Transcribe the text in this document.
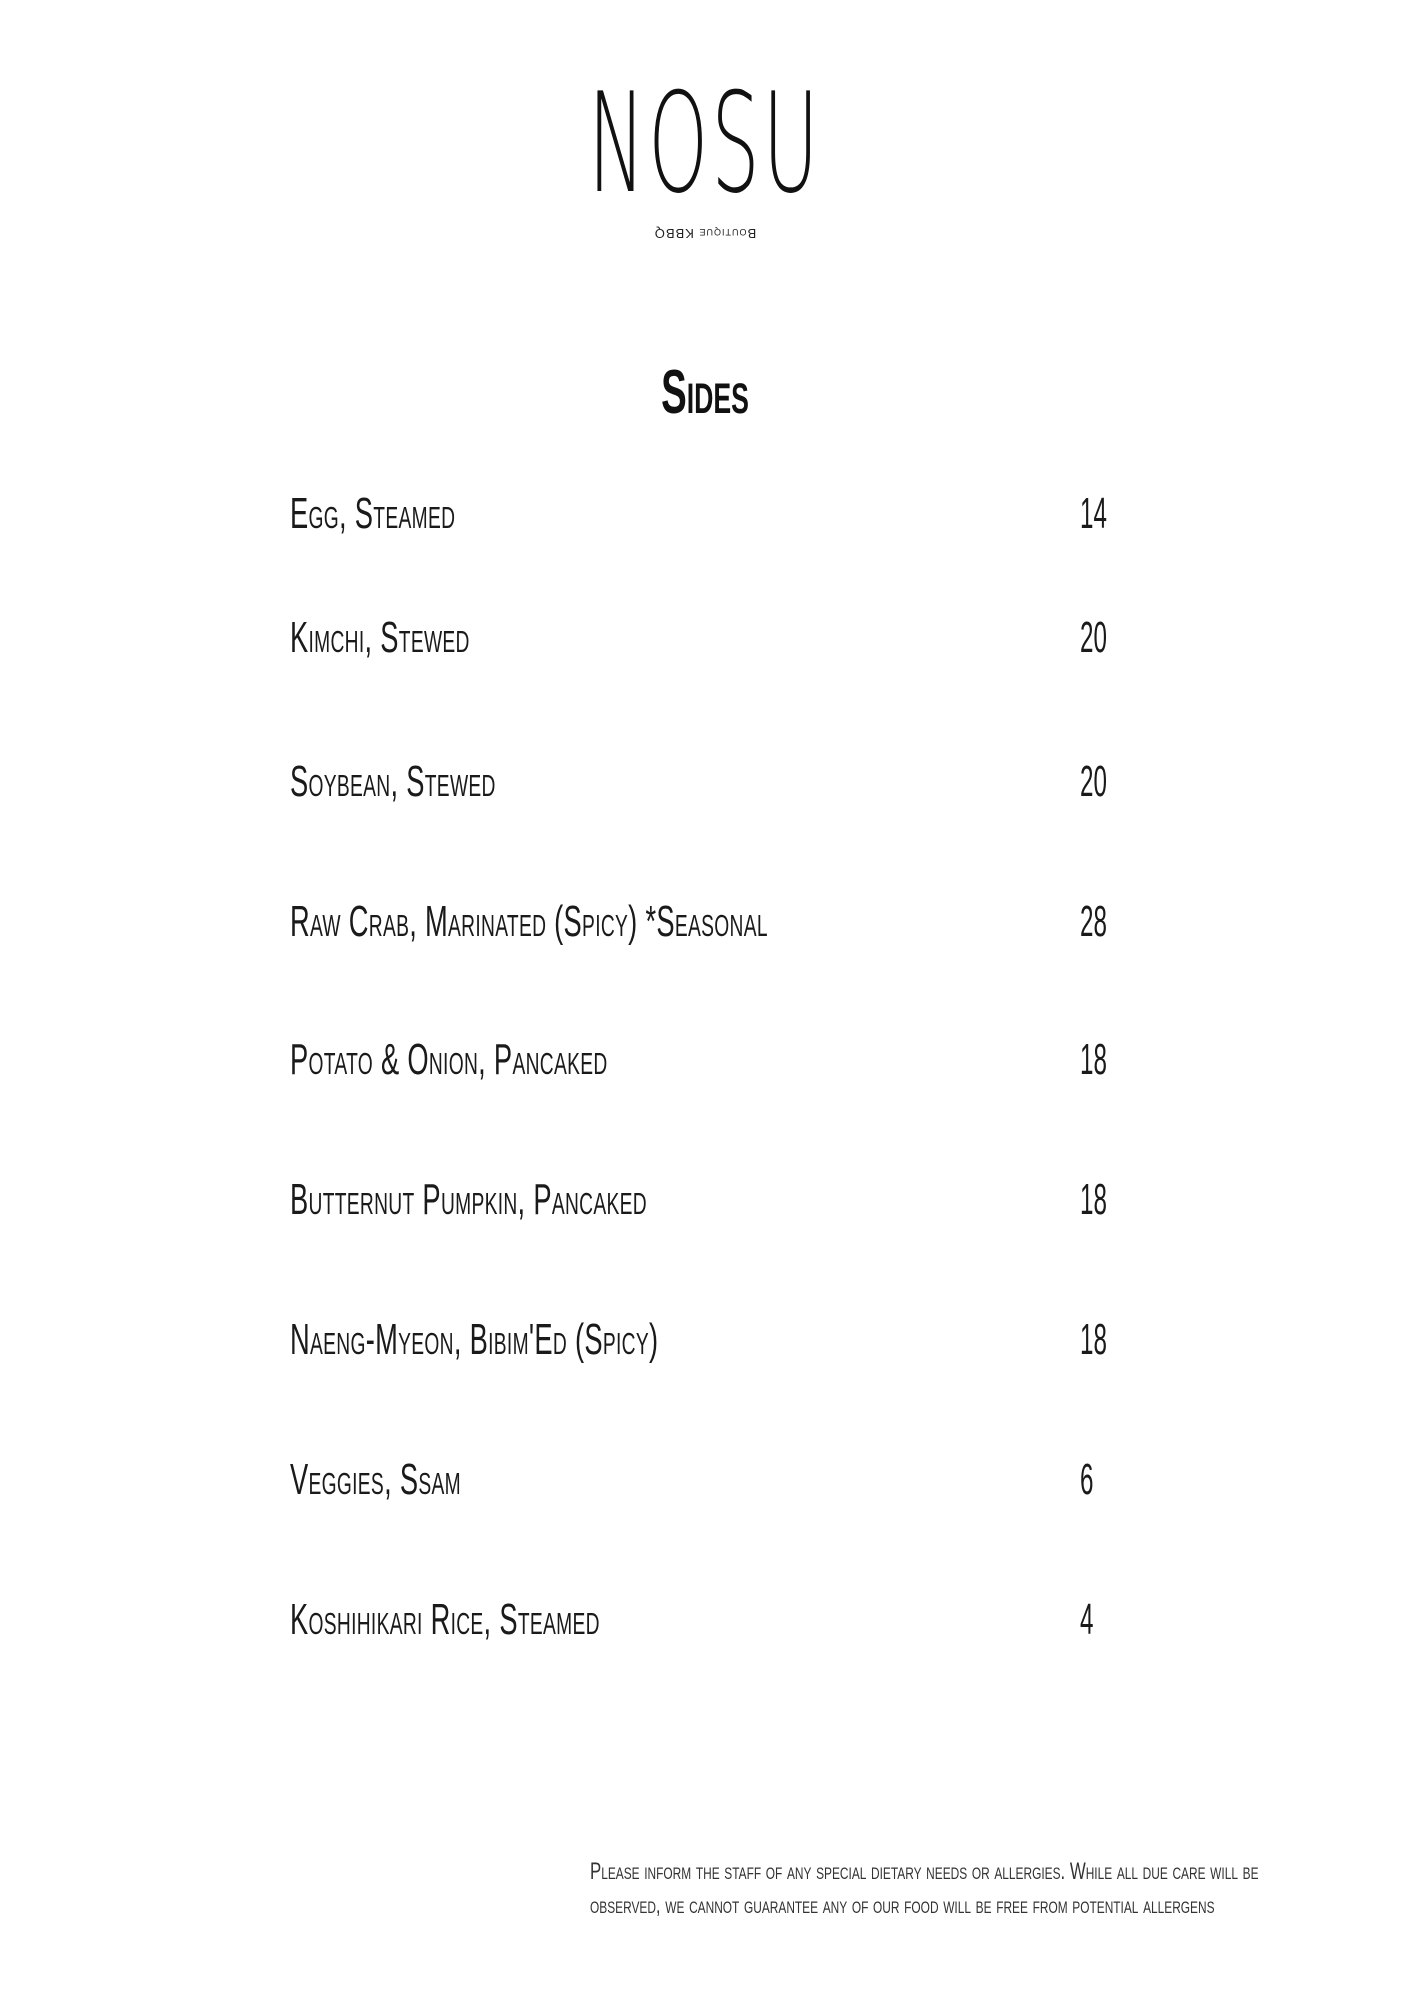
NOSU
Boutique KBBQ
Sides
Egg, Steamed	14
Kimchi, Stewed	20
Soybean, Stewed	20
Raw Crab, Marinated (Spicy) *Seasonal	28
Potato & Onion, Pancaked	18
Butternut Pumpkin, Pancaked	18
Naeng-Myeon, Bibim'Ed (Spicy)	18
Veggies, Ssam	6
Koshihikari Rice, Steamed	4
Please inform the staff of any special dietary needs or allergies. While all due care will be
observed, we cannot guarantee any of our food will be free from potential allergens
